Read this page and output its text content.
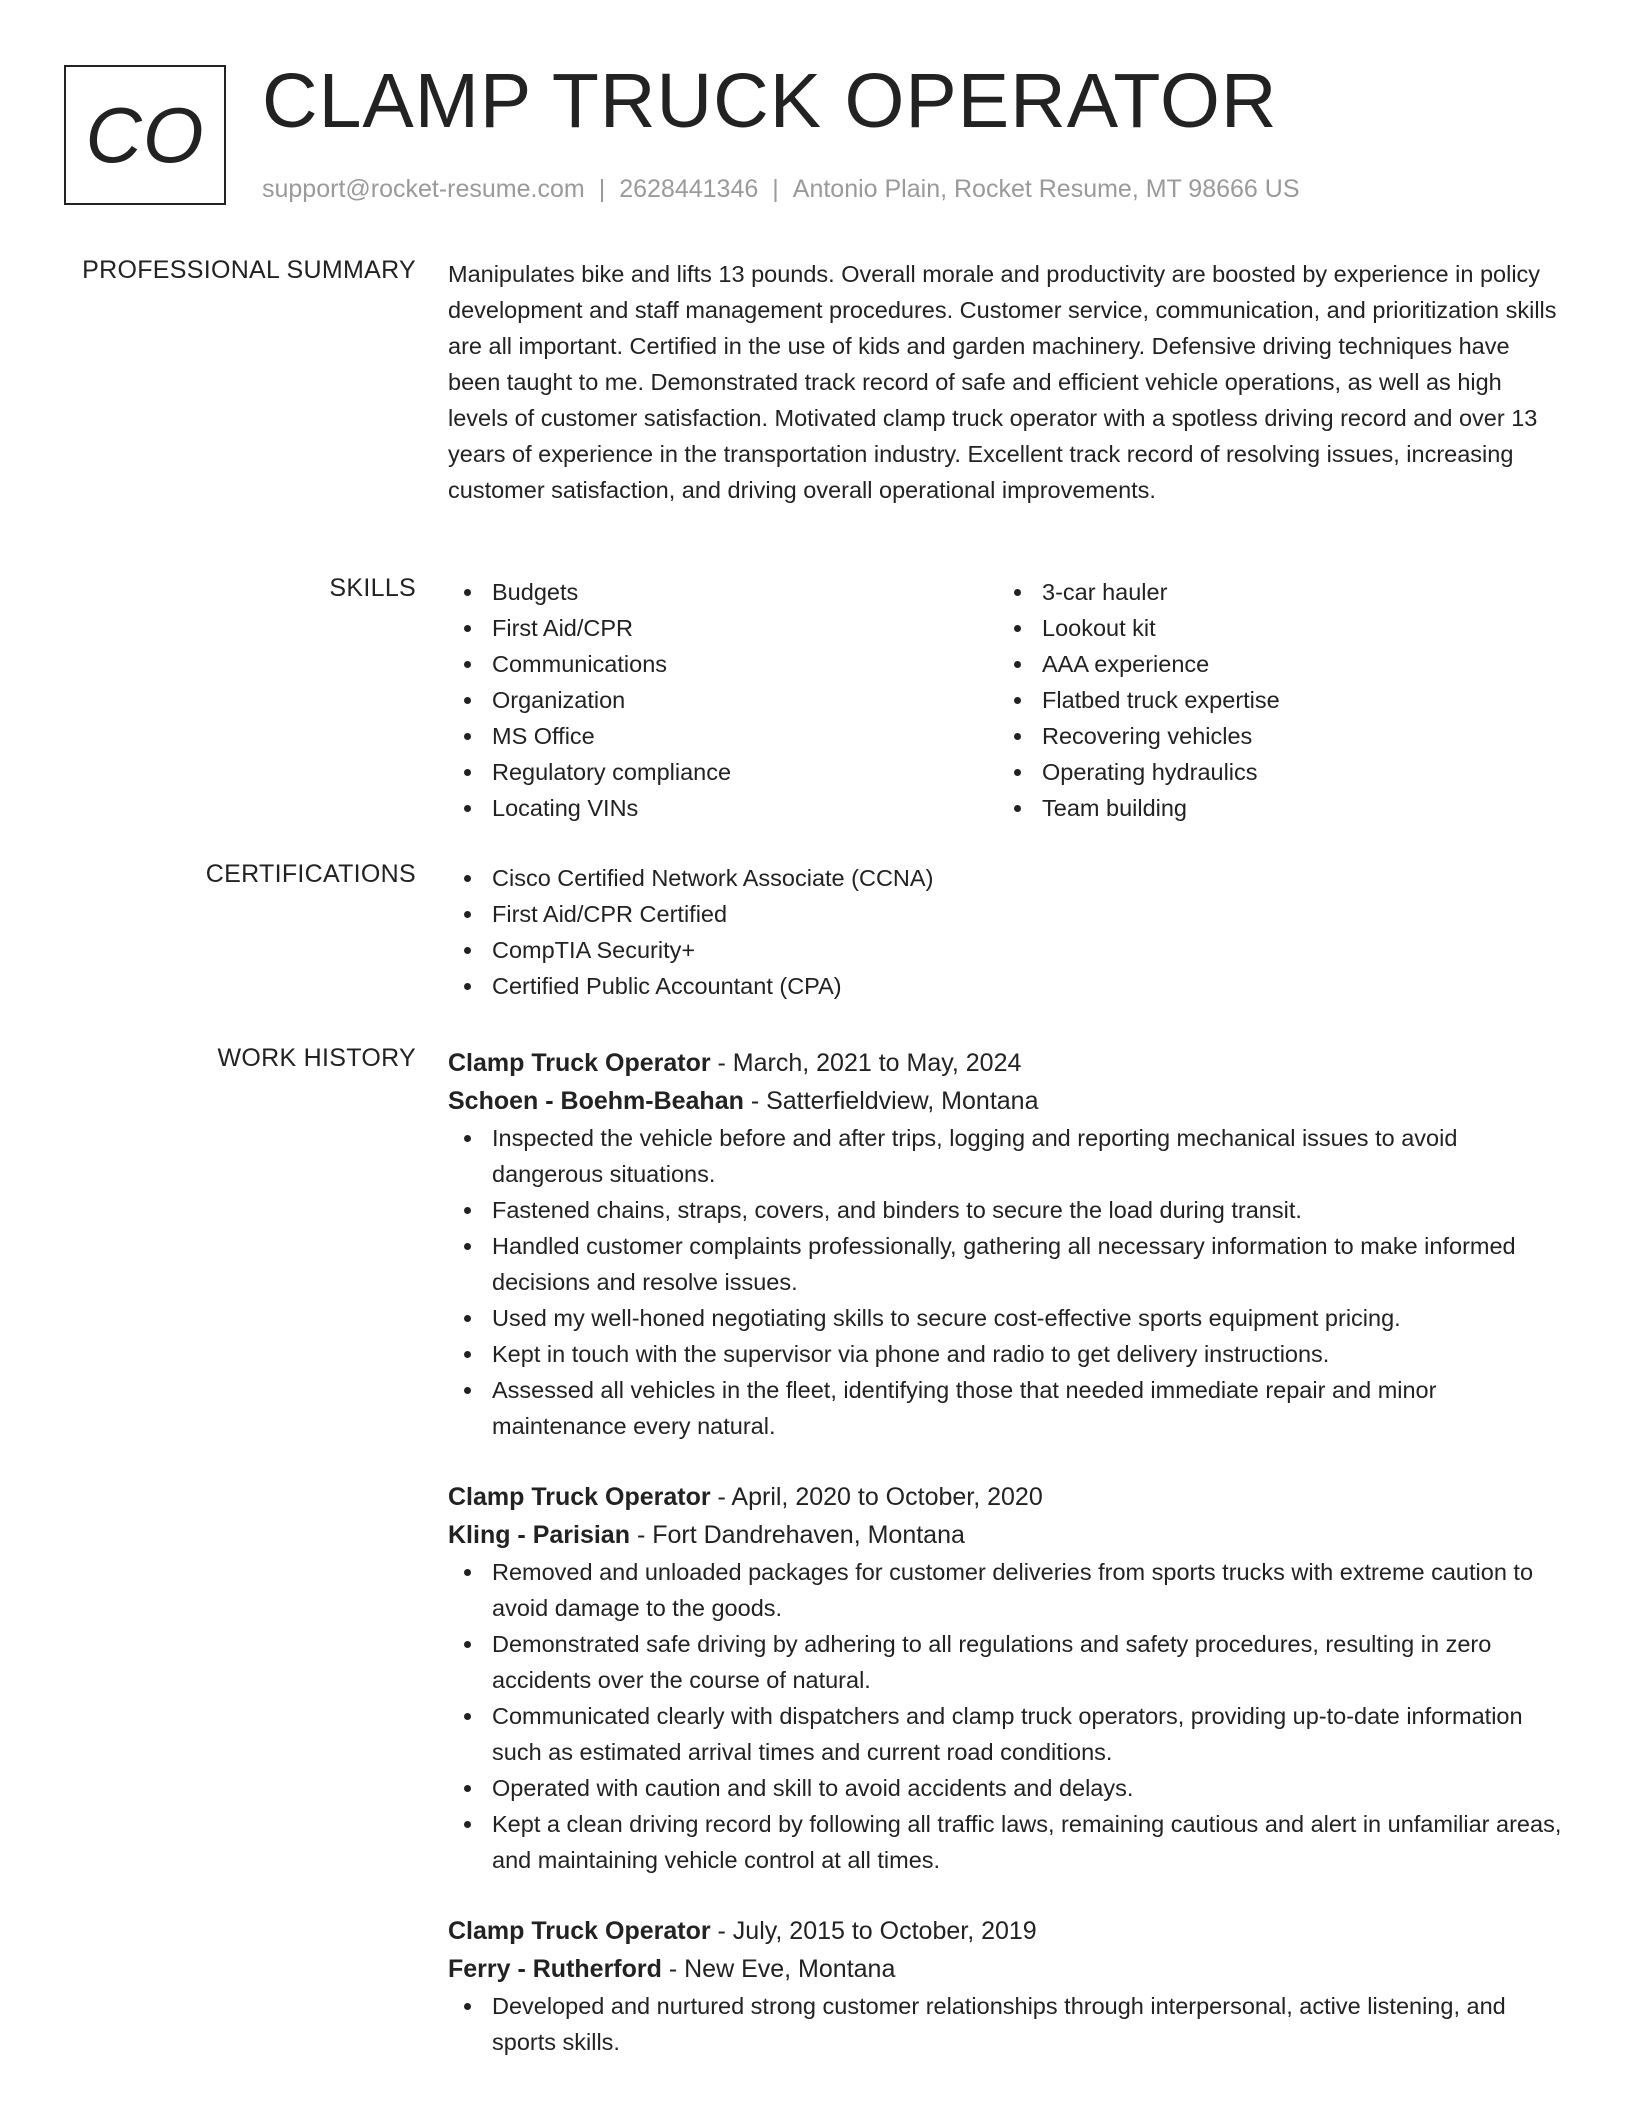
CO CLAMP TRUCK OPERATOR
support@rocket-resume.com | 2628441346 | Antonio Plain, Rocket Resume, MT 98666 US
PROFESSIONAL SUMMARY Manipulates bike and lifts 13 pounds. Overall morale and productivity are boosted by experience in policy development and staff management procedures. Customer service, communication, and prioritization skills are all important. Certified in the use of kids and garden machinery. Defensive driving techniques have been taught to me. Demonstrated track record of safe and efficient vehicle operations, as well as high levels of customer satisfaction. Motivated clamp truck operator with a spotless driving record and over 13 years of experience in the transportation industry. Excellent track record of resolving issues, increasing customer satisfaction, and driving overall operational improvements.

SKILLS	Budgets
First Aid/CPR
Communications
Organization
MS Office
Regulatory compliance
Locating VINs
3-car hauler
Lookout kit
AAA experience
Flatbed truck expertise
Recovering vehicles
Operating hydraulics
Team building
CERTIFICATIONS	Cisco Certified Network Associate (CCNA)
First Aid/CPR Certified
CompTIA Security+
Certified Public Accountant (CPA)
WORK HISTORY Clamp Truck Operator - March, 2021 to May, 2024
Schoen - Boehm-Beahan - Satterfieldview, Montana
Inspected the vehicle before and after trips, logging and reporting mechanical issues to avoid dangerous situations.
Fastened chains, straps, covers, and binders to secure the load during transit.
Handled customer complaints professionally, gathering all necessary information to make informed decisions and resolve issues.
Used my well-honed negotiating skills to secure cost-effective sports equipment pricing.
Kept in touch with the supervisor via phone and radio to get delivery instructions.
Assessed all vehicles in the fleet, identifying those that needed immediate repair and minor maintenance every natural.
Clamp Truck Operator - April, 2020 to October, 2020
Kling - Parisian - Fort Dandrehaven, Montana
Removed and unloaded packages for customer deliveries from sports trucks with extreme caution to avoid damage to the goods.
Demonstrated safe driving by adhering to all regulations and safety procedures, resulting in zero accidents over the course of natural.
Communicated clearly with dispatchers and clamp truck operators, providing up-to-date information such as estimated arrival times and current road conditions.
Operated with caution and skill to avoid accidents and delays.
Kept a clean driving record by following all traffic laws, remaining cautious and alert in unfamiliar areas, and maintaining vehicle control at all times.
Clamp Truck Operator - July, 2015 to October, 2019
Ferry - Rutherford - New Eve, Montana
Developed and nurtured strong customer relationships through interpersonal, active listening, and sports skills.
